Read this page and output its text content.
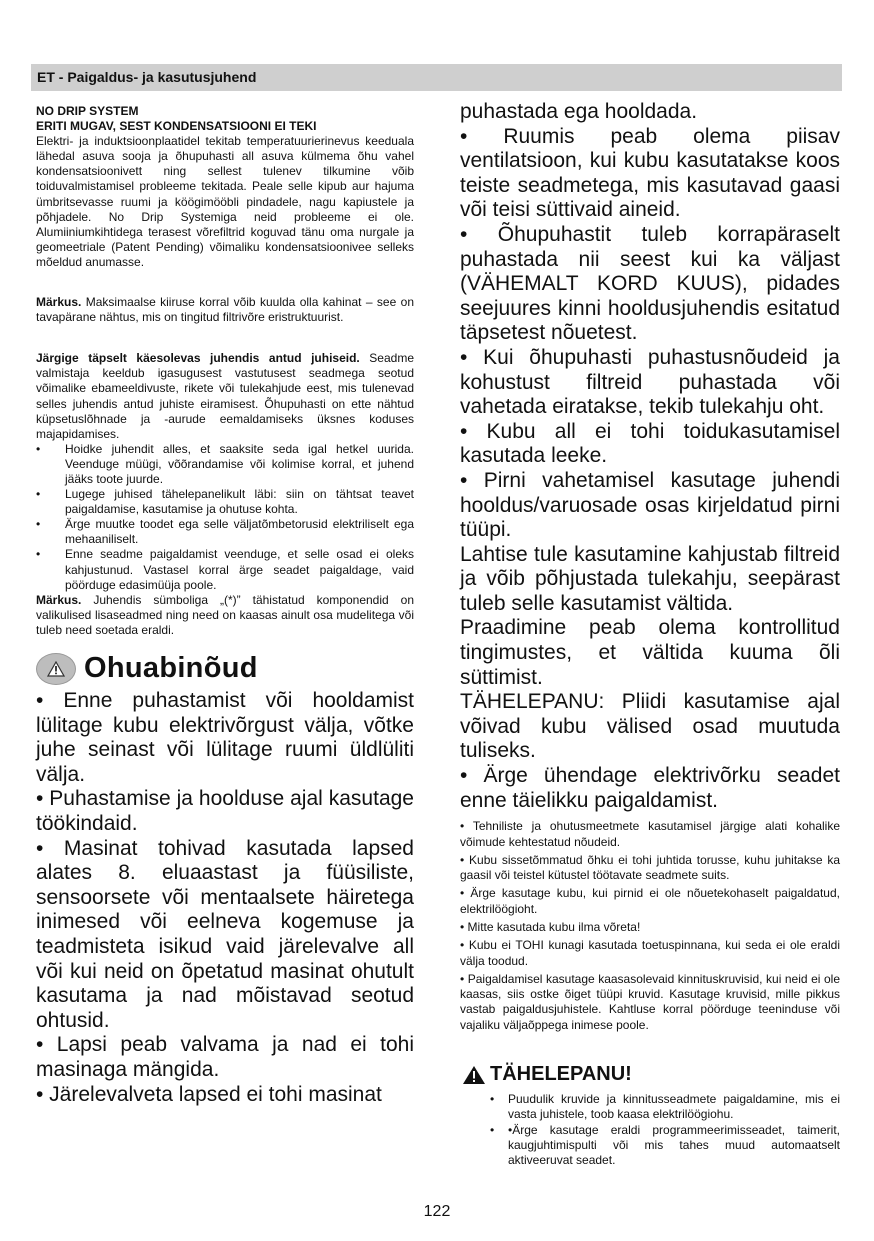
ET - Paigaldus- ja kasutusjuhend

NO DRIP SYSTEM

ERITI MUGAV, SEST KONDENSATSIOONI EI TEKI

Elektri- ja induktsioonplaatidel tekitab temperatuurierinevus keeduala lähedal asuva sooja ja õhupuhasti all asuva külmema õhu vahel kondensatsioonivett ning sellest tulenev tilkumine võib toiduvalmistamisel probleeme tekitada. Peale selle kipub aur hajuma ümbritsevasse ruumi ja köögimööbli pindadele, nagu kapiustele ja põhjadele. No Drip Systemiga neid probleeme ei ole. Alumiiniumkihtidega terasest võrefiltrid koguvad tänu oma nurgale ja geomeetriale (Patent Pending) võimaliku kondensatsioonivee selleks mõeldud anumasse.

Märkus. Maksimaalse kiiruse korral võib kuulda olla kahinat – see on tavapärane nähtus, mis on tingitud filtrivõre eristruktuurist.

Järgige täpselt käesolevas juhendis antud juhiseid. Seadme valmistaja keeldub igasugusest vastutusest seadmega seotud võimalike ebameeldivuste, rikete või tulekahjude eest, mis tulenevad selles juhendis antud juhiste eiramisest. Õhupuhasti on ette nähtud küpsetuslõhnade ja -aurude eemaldamiseks üksnes koduses majapidamises.

• Hoidke juhendit alles, et saaksite seda igal hetkel uurida. Veenduge müügi, võõrandamise või kolimise korral, et juhend jääks toote juurde.
• Lugege juhised tähelepanelikult läbi: siin on tähtsat teavet paigaldamise, kasutamise ja ohutuse kohta.
• Ärge muutke toodet ega selle väljatõmbetorusid elektriliselt ega mehaaniliselt.
• Enne seadme paigaldamist veenduge, et selle osad ei oleks kahjustunud. Vastasel korral ärge seadet paigaldage, vaid pöörduge edasimüüja poole.

Märkus. Juhendis sümboliga „(*)” tähistatud komponendid on valikulised lisaseadmed ning need on kaasas ainult osa mudelitega või tuleb need soetada eraldi.

Ohuabinõud

• Enne puhastamist või hooldamist lülitage kubu elektrivõrgust välja, võtke juhe seinast või lülitage ruumi üldlüliti välja.

• Puhastamise ja hoolduse ajal kasutage töökindaid.

• Masinat tohivad kasutada lapsed alates 8. eluaastast ja füüsiliste, sensoorsete või mentaalsete häiretega inimesed või eelneva kogemuse ja teadmisteta isikud vaid järelevalve all või kui neid on õpetatud masinat ohutult kasutama ja nad mõistavad seotud ohtusid.

• Lapsi peab valvama ja nad ei tohi masinaga mängida.

• Järelevalveta lapsed ei tohi masinat

puhastada ega hooldada.

• Ruumis peab olema piisav ventilatsioon, kui kubu kasutatakse koos teiste seadmetega, mis kasutavad gaasi või teisi süttivaid aineid.

• Õhupuhastit tuleb korrapäraselt puhastada nii seest kui ka väljast (VÄHEMALT KORD KUUS), pidades seejuures kinni hooldusjuhendis esitatud täpsetest nõuetest.

• Kui õhupuhasti puhastusnõudeid ja kohustust filtreid puhastada või vahetada eiratakse, tekib tulekahju oht.

• Kubu all ei tohi toidukasutamisel kasutada leeke.

• Pirni vahetamisel kasutage juhendi hooldus/varuosade osas kirjeldatud pirni tüüpi.

Lahtise tule kasutamine kahjustab filtreid ja võib põhjustada tulekahju, seepärast tuleb selle kasutamist vältida.

Praadimine peab olema kontrollitud tingimustes, et vältida kuuma õli süttimist.

TÄHELEPANU: Pliidi kasutamise ajal võivad kubu välised osad muutuda tuliseks.

• Ärge ühendage elektrivõrku seadet enne täielikku paigaldamist.

• Tehniliste ja ohutusmeetmete kasutamisel järgige alati kohalike võimude kehtestatud nõudeid.

• Kubu sissetõmmatud õhku ei tohi juhtida torusse, kuhu juhitakse ka gaasil või teistel kütustel töötavate seadmete suits.

• Ärge kasutage kubu, kui pirnid ei ole nõuetekohaselt paigaldatud, elektrilöögioht.

• Mitte kasutada kubu ilma võreta!

• Kubu ei TOHI kunagi kasutada toetuspinnana, kui seda ei ole eraldi välja toodud.

• Paigaldamisel kasutage kaasasolevaid kinnituskruvisid, kui neid ei ole kaasas, siis ostke õiget tüüpi kruvid. Kasutage kruvisid, mille pikkus vastab paigaldusjuhistele. Kahtluse korral pöörduge teeninduse või vajaliku väljaõppega inimese poole.

TÄHELEPANU!
• Puudulik kruvide ja kinnitusseadmete paigaldamine, mis ei vasta juhistele, toob kaasa elektrilöögiohu.
• •Ärge kasutage eraldi programmeerimisseadet, taimerit, kaugjuhtimispulti või mis tahes muud automaatselt aktiveeruvat seadet.
122
